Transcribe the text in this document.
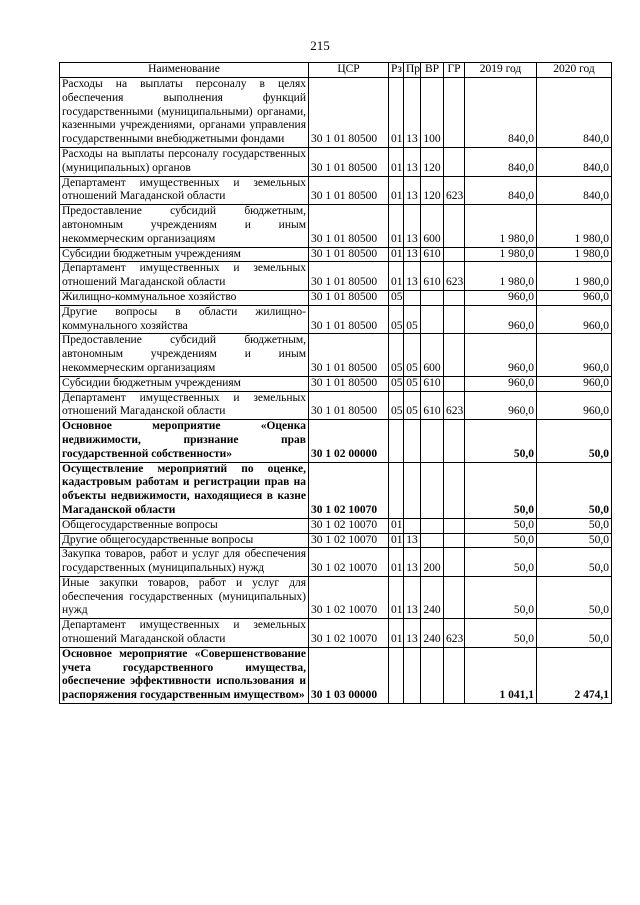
215
Наименование	ЦСР	Рз	Пр	ВР	ГР	2019 год	2020 год
Расходы на выплаты персоналу в целях обеспечения выполнения функций государственными (муниципальными) органами, казенными учреждениями, органами управления государственными внебюджетными фондами	30 1 01 80500	01	13	100		840,0	840,0
Расходы на выплаты персоналу государственных (муниципальных) органов	30 1 01 80500	01	13	120		840,0	840,0
Департамент имущественных и земельных отношений Магаданской области	30 1 01 80500	01	13	120	623	840,0	840,0
Предоставление субсидий бюджетным, автономным учреждениям и иным некоммерческим организациям	30 1 01 80500	01	13	600		1 980,0	1 980,0
Субсидии бюджетным учреждениям	30 1 01 80500	01	13	610		1 980,0	1 980,0
Департамент имущественных и земельных отношений Магаданской области	30 1 01 80500	01	13	610	623	1 980,0	1 980,0
Жилищно-коммунальное хозяйство	30 1 01 80500	05				960,0	960,0
Другие вопросы в области жилищно-коммунального хозяйства	30 1 01 80500	05	05			960,0	960,0
Предоставление субсидий бюджетным, автономным учреждениям и иным некоммерческим организациям	30 1 01 80500	05	05	600		960,0	960,0
Субсидии бюджетным учреждениям	30 1 01 80500	05	05	610		960,0	960,0
Департамент имущественных и земельных отношений Магаданской области	30 1 01 80500	05	05	610	623	960,0	960,0
Основное мероприятие «Оценка недвижимости, признание прав государственной собственности»	30 1 02 00000					50,0	50,0
Осуществление мероприятий по оценке, кадастровым работам и регистрации прав на объекты недвижимости, находящиеся в казне Магаданской области	30 1 02 10070					50,0	50,0
Общегосударственные вопросы	30 1 02 10070	01				50,0	50,0
Другие общегосударственные вопросы	30 1 02 10070	01	13			50,0	50,0
Закупка товаров, работ и услуг для обеспечения государственных (муниципальных) нужд	30 1 02 10070	01	13	200		50,0	50,0
Иные закупки товаров, работ и услуг для обеспечения государственных (муниципальных) нужд	30 1 02 10070	01	13	240		50,0	50,0
Департамент имущественных и земельных отношений Магаданской области	30 1 02 10070	01	13	240	623	50,0	50,0
Основное мероприятие «Совершенствование учета государственного имущества, обеспечение эффективности использования и распоряжения государственным имуществом»	30 1 03 00000					1 041,1	2 474,1
